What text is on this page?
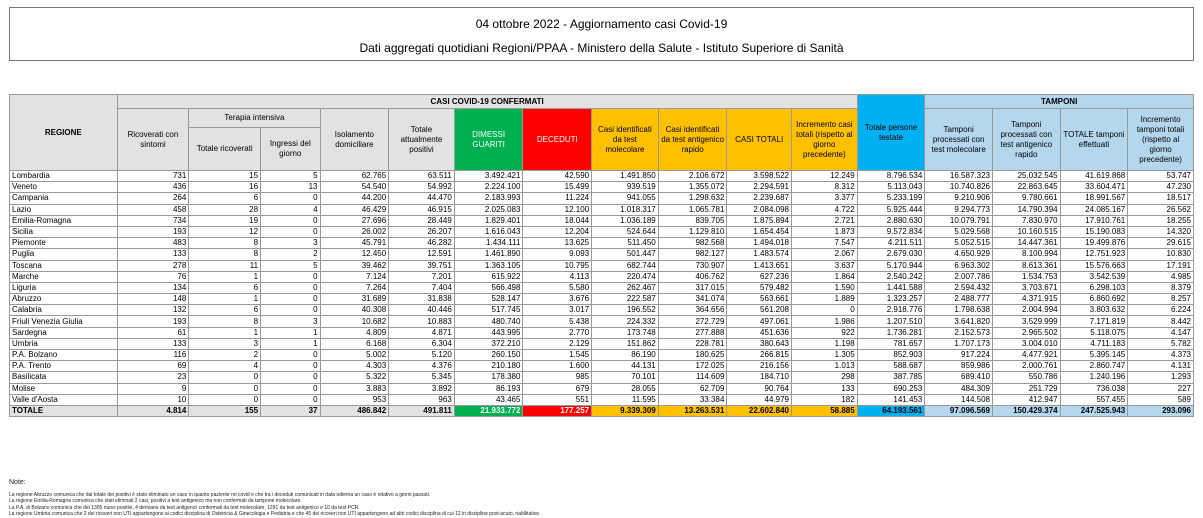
04 ottobre 2022 - Aggiornamento casi Covid-19
Dati aggregati quotidiani Regioni/PPAA - Ministero della Salute - Istituto Superiore di Sanità
REGIONE	CASI COVID-19 CONFERMATI											Totale persone testate	TAMPONI			
	Ricoverati con sintomi	Terapia intensiva		Isolamento domiciliare	Totale attualmente positivi	DIMESSI GUARITI	DECEDUTI	Casi identificati da test molecolare	Casi identificati da test antigenico rapido	CASI TOTALI	Incremento casi totali (rispetto al giorno precedente)		Tamponi processati con test molecolare	Tamponi processati con test antigenico rapido	TOTALE tamponi effettuati	Incremento tamponi totali (rispetto al giorno precedente)
		Totale ricoverati	Ingressi del giorno													
Lombardia	731	15	5	62.765	63.511	3.492.421	42.590	1.491.850	2.106.672	3.598.522	12.249	8.796.534	16.587.323	25.032.545	41.619.868	53.747
Veneto	436	16	13	54.540	54.992	2.224.100	15.499	939.519	1.355.072	2.294.591	8.312	5.113.043	10.740.826	22.863.645	33.604.471	47.230
Campania	264	6	0	44.200	44.470	2.183.993	11.224	941.055	1.298.632	2.239.687	3.377	5.233.199	9.210.906	9.780.661	18.991.567	18.517
Lazio	458	28	4	46.429	46.915	2.025.083	12.100	1.018.317	1.065.781	2.084.098	4.722	5.925.444	9.294.773	14.790.394	24.085.167	26.562
Emilia-Romagna	734	19	0	27.696	28.449	1.829.401	18.044	1.036.189	839.705	1.875.894	2.721	2.880.630	10.079.791	7.830.970	17.910.761	18.255
Sicilia	193	12	0	26.002	26.207	1.616.043	12.204	524.644	1.129.810	1.654.454	1.873	9.572.834	5.029.568	10.160.515	15.190.083	14.320
Piemonte	483	8	3	45.791	46.282	1.434.111	13.625	511.450	982.568	1.494.018	7.547	4.211.511	5.052.515	14.447.361	19.499.876	29.615
Puglia	133	8	2	12.450	12.591	1.461.890	9.093	501.447	982.127	1.483.574	2.067	2.679.030	4.650.929	8.100.994	12.751.923	10.830
Toscana	278	11	5	39.462	39.751	1.363.105	10.795	682.744	730.907	1.413.651	3.637	5.170.944	6.963.302	8.613.361	15.576.663	17.191
Marche	76	1	0	7.124	7.201	615.922	4.113	220.474	406.762	627.236	1.864	2.540.242	2.007.786	1.534.753	3.542.539	4.985
Liguria	134	6	0	7.264	7.404	566.498	5.580	262.467	317.015	579.482	1.590	1.441.588	2.594.432	3.703.671	6.298.103	8.379
Abruzzo	148	1	0	31.689	31.838	528.147	3.676	222.587	341.074	563.661	1.889	1.323.257	2.488.777	4.371.915	6.860.692	8.257
Calabria	132	6	0	40.308	40.446	517.745	3.017	196.552	364.656	561.208	0	2.918.776	1.798.638	2.004.994	3.803.632	6.224
Friuli Venezia Giulia	193	8	3	10.682	10.883	480.740	5.438	224.332	272.729	497.061	1.986	1.207.510	3.641.820	3.529.999	7.171.819	8.442
Sardegna	61	1	1	4.809	4.871	443.995	2.770	173.748	277.888	451.636	922	1.736.281	2.152.573	2.965.502	5.118.075	4.147
Umbria	133	3	1	6.168	6.304	372.210	2.129	151.862	228.781	380.643	1.198	781.657	1.707.173	3.004.010	4.711.183	5.782
P.A. Bolzano	116	2	0	5.002	5.120	260.150	1.545	86.190	180.625	266.815	1.305	852.903	917.224	4.477.921	5.395.145	4.373
P.A. Trento	69	4	0	4.303	4.376	210.180	1.600	44.131	172.025	216.156	1.013	588.687	859.986	2.000.761	2.860.747	4.131
Basilicata	23	0	0	5.322	5.345	178.380	985	70.101	114.609	184.710	298	387.785	689.410	550.786	1.240.196	1.293
Molise	9	0	0	3.883	3.892	86.193	679	28.055	62.709	90.764	133	690.253	484.309	251.729	736.038	227
Valle d'Aosta	10	0	0	953	963	43.465	551	11.595	33.384	44.979	182	141.453	144.508	412.947	557.455	589
TOTALE	4.814	155	37	486.842	491.811	21.933.772	177.257	9.339.309	13.263.531	22.602.840	58.885	64.193.561	97.096.569	150.429.374	247.525.943	293.096
Note:
La regione Abruzzo comunica che dal totale dei positivi è stato eliminato un caso in quanto paziente no covid e che tra i deceduti comunicati in data odierna un caso è relativo a giorni passati.
La regione Emilia-Romagna comunica che stati eliminati 2 casi, positivi a test antigenico ma non confermati da tampone molecolare.
La P.A. di Bolzano comunica che del 1305 nuovi positivi, 4 derivano da test antigenici confermati da test molecolare, 1291 da test antigenico e 10 da test PCR.
La regione Umbria comunica che 2 dei ricoveri non UTI appartengono ai codici disciplina di Ostetricia & Ginecologia e Pediatria e che 45 dei ricoveri non UTI appartengono ad altri codici disciplina di cui 12 in discipline post-acuto, riabilitative.
